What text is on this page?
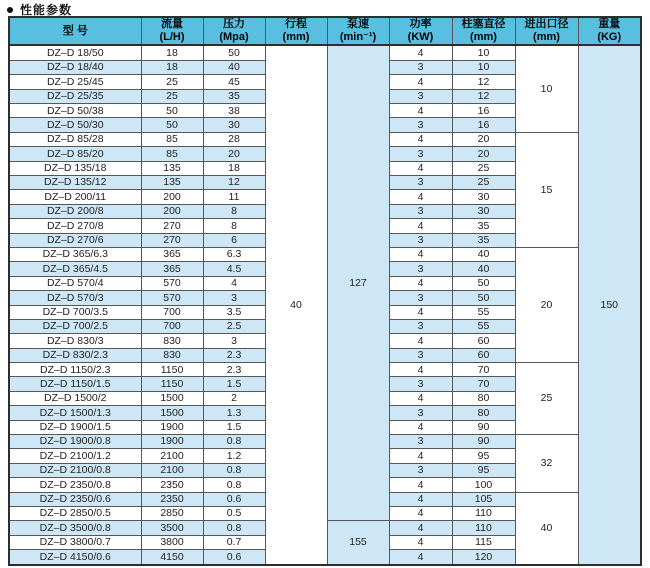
性能参数
型 号

流量
(L/H)

压力
(Mpa)

行程
(mm)

泵速
(min⁻¹)

功率
(KW)

柱塞直径
(mm)

进出口径
(mm)

重量
(KG)

DZ–D 18/50	18	50	40	127	4	10	10	150
DZ–D 18/40	18	40			3	10		
DZ–D 25/45	25	45			4	12		
DZ–D 25/35	25	35			3	12		
DZ–D 50/38	50	38			4	16		
DZ–D 50/30	50	30			3	16		
DZ–D 85/28	85	28			4	20	15	
DZ–D 85/20	85	20			3	20		
DZ–D 135/18	135	18			4	25		
DZ–D 135/12	135	12			3	25		
DZ–D 200/11	200	11			4	30		
DZ–D 200/8	200	8			3	30		
DZ–D 270/8	270	8			4	35		
DZ–D 270/6	270	6			3	35		
DZ–D 365/6.3	365	6.3			4	40	20	
DZ–D 365/4.5	365	4.5			3	40		
DZ–D 570/4	570	4			4	50		
DZ–D 570/3	570	3			3	50		
DZ–D 700/3.5	700	3.5			4	55		
DZ–D 700/2.5	700	2.5			3	55		
DZ–D 830/3	830	3			4	60		
DZ–D 830/2.3	830	2.3			3	60		
DZ–D 1150/2.3	1150	2.3			4	70	25	
DZ–D 1150/1.5	1150	1.5			3	70		
DZ–D 1500/2	1500	2			4	80		
DZ–D 1500/1.3	1500	1.3			3	80		
DZ–D 1900/1.5	1900	1.5			4	90		
DZ–D 1900/0.8	1900	0.8			3	90	32	
DZ–D 2100/1.2	2100	1.2			4	95		
DZ–D 2100/0.8	2100	0.8			3	95		
DZ–D 2350/0.8	2350	0.8			4	100		
DZ–D 2350/0.6	2350	0.6			4	105	40	
DZ–D 2850/0.5	2850	0.5			4	110		
DZ–D 3500/0.8	3500	0.8		155	4	110		
DZ–D 3800/0.7	3800	0.7			4	115		
DZ–D 4150/0.6	4150	0.6			4	120		
